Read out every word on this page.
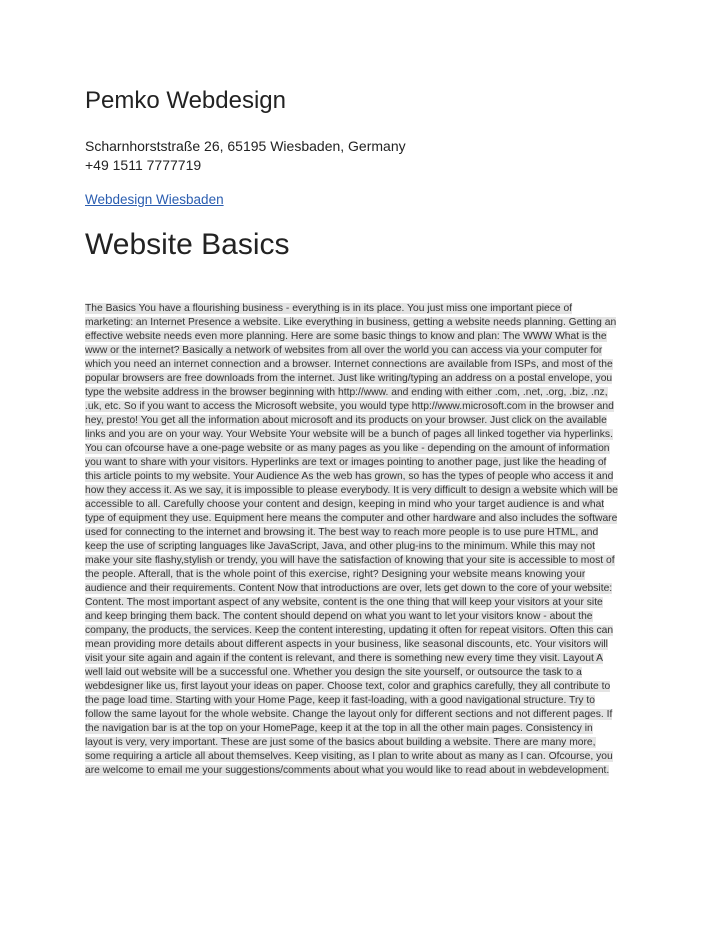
Pemko Webdesign
Scharnhorststraße 26, 65195 Wiesbaden, Germany
+49 1511 7777719
Webdesign Wiesbaden
Website Basics
The Basics You have a flourishing business - everything is in its place. You just miss one important piece of
marketing: an Internet Presence a website. Like everything in business, getting a website needs planning. Getting an
effective website needs even more planning. Here are some basic things to know and plan: The WWW What is the
www or the internet? Basically a network of websites from all over the world you can access via your computer for
which you need an internet connection and a browser. Internet connections are available from ISPs, and most of the
popular browsers are free downloads from the internet. Just like writing/typing an address on a postal envelope, you
type the website address in the browser beginning with http://www. and ending with either .com, .net, .org, .biz, .nz,
.uk, etc. So if you want to access the Microsoft website, you would type http://www.microsoft.com in the browser and
hey, presto! You get all the information about microsoft and its products on your browser. Just click on the available
links and you are on your way. Your Website Your website will be a bunch of pages all linked together via hyperlinks.
You can ofcourse have a one-page website or as many pages as you like - depending on the amount of information
you want to share with your visitors. Hyperlinks are text or images pointing to another page, just like the heading of
this article points to my website. Your Audience As the web has grown, so has the types of people who access it and
how they access it. As we say, it is impossible to please everybody. It is very difficult to design a website which will be
accessible to all. Carefully choose your content and design, keeping in mind who your target audience is and what
type of equipment they use. Equipment here means the computer and other hardware and also includes the software
used for connecting to the internet and browsing it. The best way to reach more people is to use pure HTML, and
keep the use of scripting languages like JavaScript, Java, and other plug-ins to the minimum. While this may not
make your site flashy,stylish or trendy, you will have the satisfaction of knowing that your site is accessible to most of
the people. Afterall, that is the whole point of this exercise, right? Designing your website means knowing your
audience and their requirements. Content Now that introductions are over, lets get down to the core of your website:
Content. The most important aspect of any website, content is the one thing that will keep your visitors at your site
and keep bringing them back. The content should depend on what you want to let your visitors know - about the
company, the products, the services. Keep the content interesting, updating it often for repeat visitors. Often this can
mean providing more details about different aspects in your business, like seasonal discounts, etc. Your visitors will
visit your site again and again if the content is relevant, and there is something new every time they visit. Layout A
well laid out website will be a successful one. Whether you design the site yourself, or outsource the task to a
webdesigner like us, first layout your ideas on paper. Choose text, color and graphics carefully, they all contribute to
the page load time. Starting with your Home Page, keep it fast-loading, with a good navigational structure. Try to
follow the same layout for the whole website. Change the layout only for different sections and not different pages. If
the navigation bar is at the top on your HomePage, keep it at the top in all the other main pages. Consistency in
layout is very, very important. These are just some of the basics about building a website. There are many more,
some requiring a article all about themselves. Keep visiting, as I plan to write about as many as I can. Ofcourse, you
are welcome to email me your suggestions/comments about what you would like to read about in webdevelopment.
